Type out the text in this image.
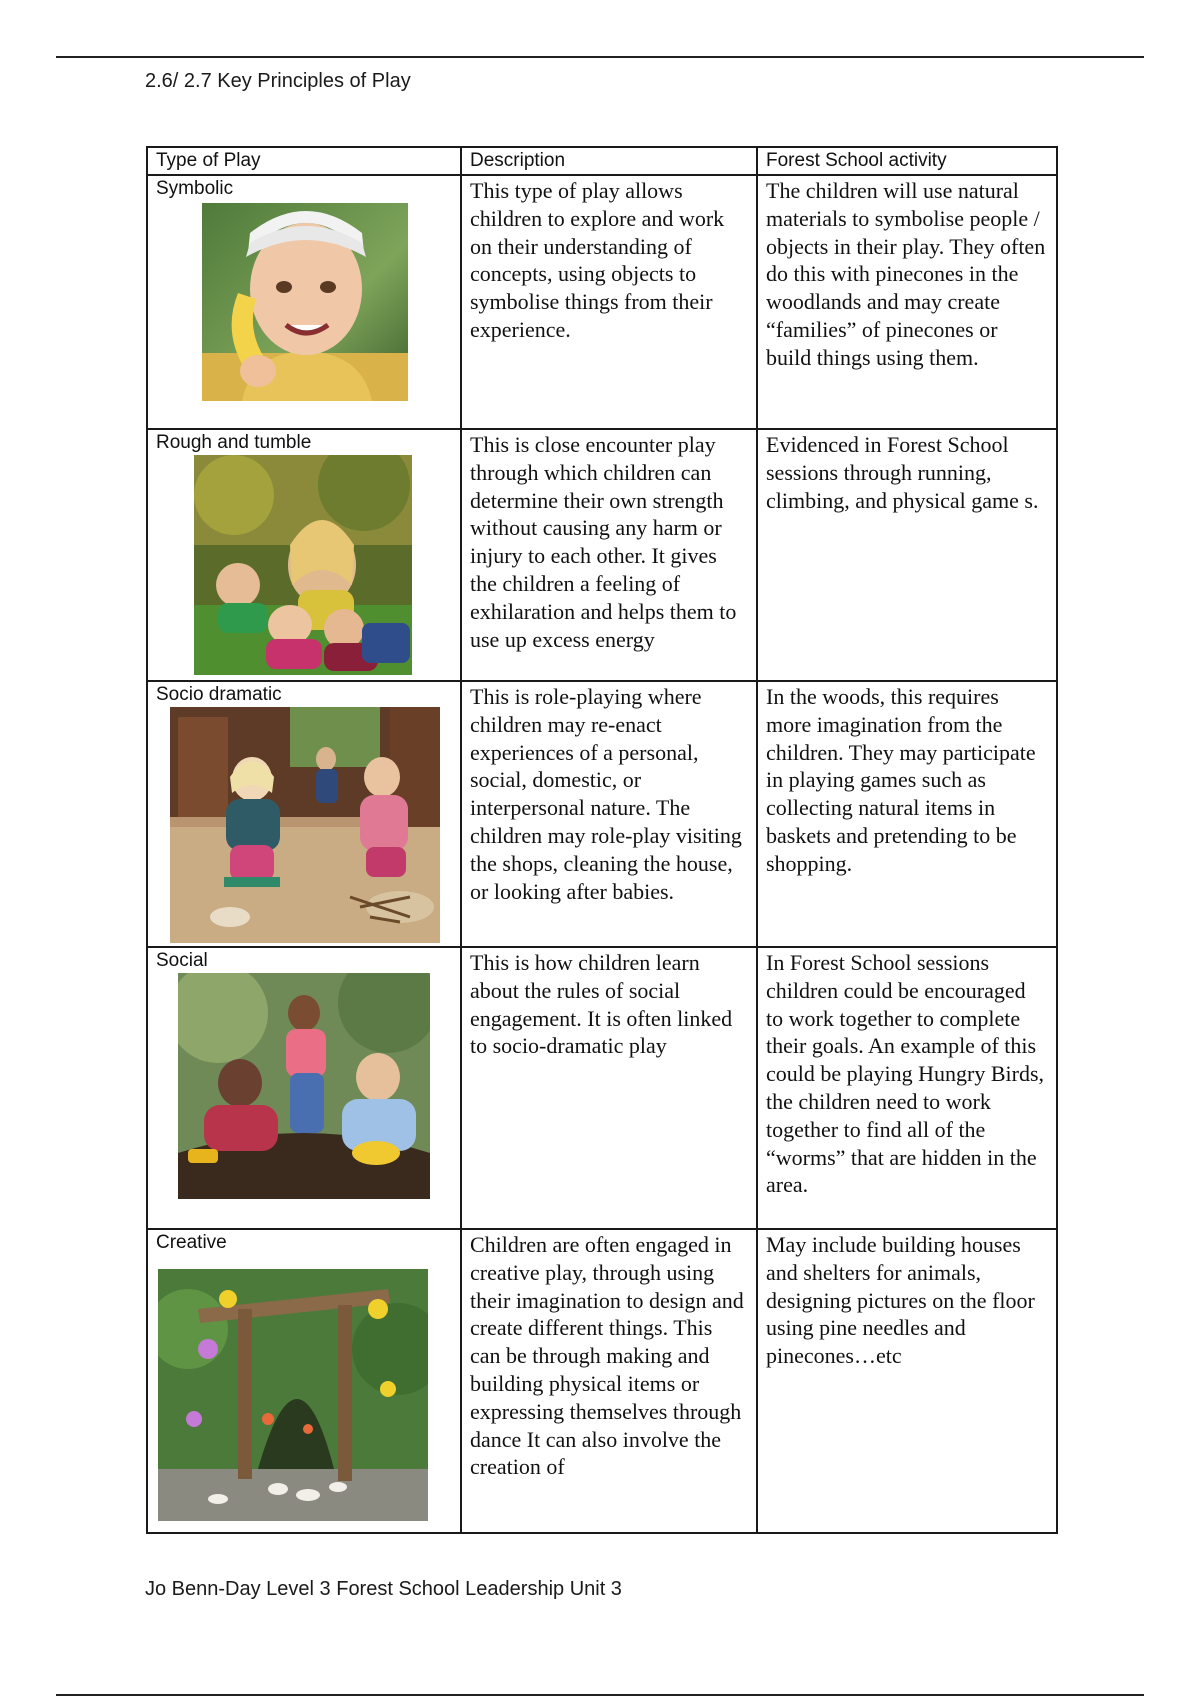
2.6/ 2.7 Key Principles of Play
Type of Play	Description	Forest School activity

Symbolic	This type of play allows children to explore and work on their understanding of concepts, using objects to symbolise things from their experience.	The children will use natural materials to symbolise people / objects in their play. They often do this with pinecones in the woodlands and may create “families” of pinecones or build things using them.

Rough and tumble	This is close encounter play through which children can determine their own strength without causing any harm or injury to each other. It gives the children a feeling of exhilaration and helps them to use up excess energy	Evidenced in Forest School sessions through running, climbing, and physical game s.

Socio dramatic	This is role-playing where children may re-enact experiences of a personal, social, domestic, or interpersonal nature. The children may role-play visiting the shops, cleaning the house, or looking after babies.	In the woods, this requires more imagination from the children. They may participate in playing games such as collecting natural items in baskets and pretending to be shopping.

Social	This is how children learn about the rules of social engagement. It is often linked to socio-dramatic play	In Forest School sessions children could be encouraged to work together to complete their goals. An example of this could be playing Hungry Birds, the children need to work together to find all of the “worms” that are hidden in the area.

Creative	Children are often engaged in creative play, through using their imagination to design and create different things. This can be through making and building physical items or expressing themselves through dance It can also involve the creation of	May include building houses and shelters for animals, designing pictures on the floor using pine needles and pinecones…etc
Jo Benn-Day Level 3 Forest School Leadership Unit 3
